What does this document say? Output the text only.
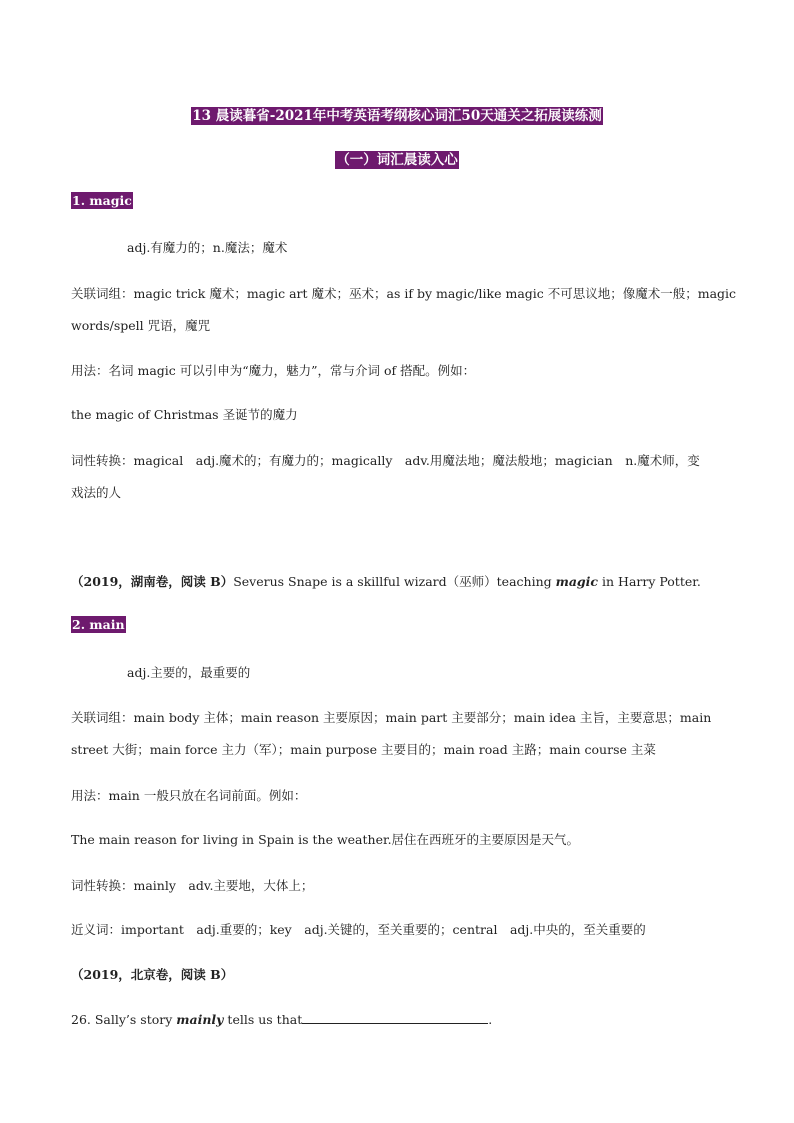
13 晨读暮省-2021年中考英语考纲核心词汇50天通关之拓展读练测
（一）词汇晨读入心
1. magic
adj.有魔力的；n.魔法；魔术
关联词组：magic trick 魔术；magic art 魔术；巫术；as if by magic/like magic 不可思议地；像魔术一般；magic
words/spell 咒语，魔咒
用法：名词 magic 可以引申为“魔力，魅力”，常与介词 of 搭配。例如：
the magic of Christmas 圣诞节的魔力
词性转换：magical　adj.魔术的；有魔力的；magically　adv.用魔法地；魔法般地；magician　n.魔术师，变
戏法的人
（2019，湖南卷，阅读 B）Severus Snape is a skillful wizard（巫师）teaching magic in Harry Potter.
2. main
adj.主要的，最重要的
关联词组：main body 主体；main reason 主要原因；main part 主要部分；main idea 主旨，主要意思；main
street 大街；main force 主力（军）；main purpose 主要目的；main road 主路；main course 主菜
用法：main 一般只放在名词前面。例如：
The main reason for living in Spain is the weather.居住在西班牙的主要原因是天气。
词性转换：mainly　adv.主要地，大体上；
近义词：important　adj.重要的；key　adj.关键的，至关重要的；central　adj.中央的，至关重要的
（2019，北京卷，阅读 B）
26. Sally’s story mainly tells us that	.
